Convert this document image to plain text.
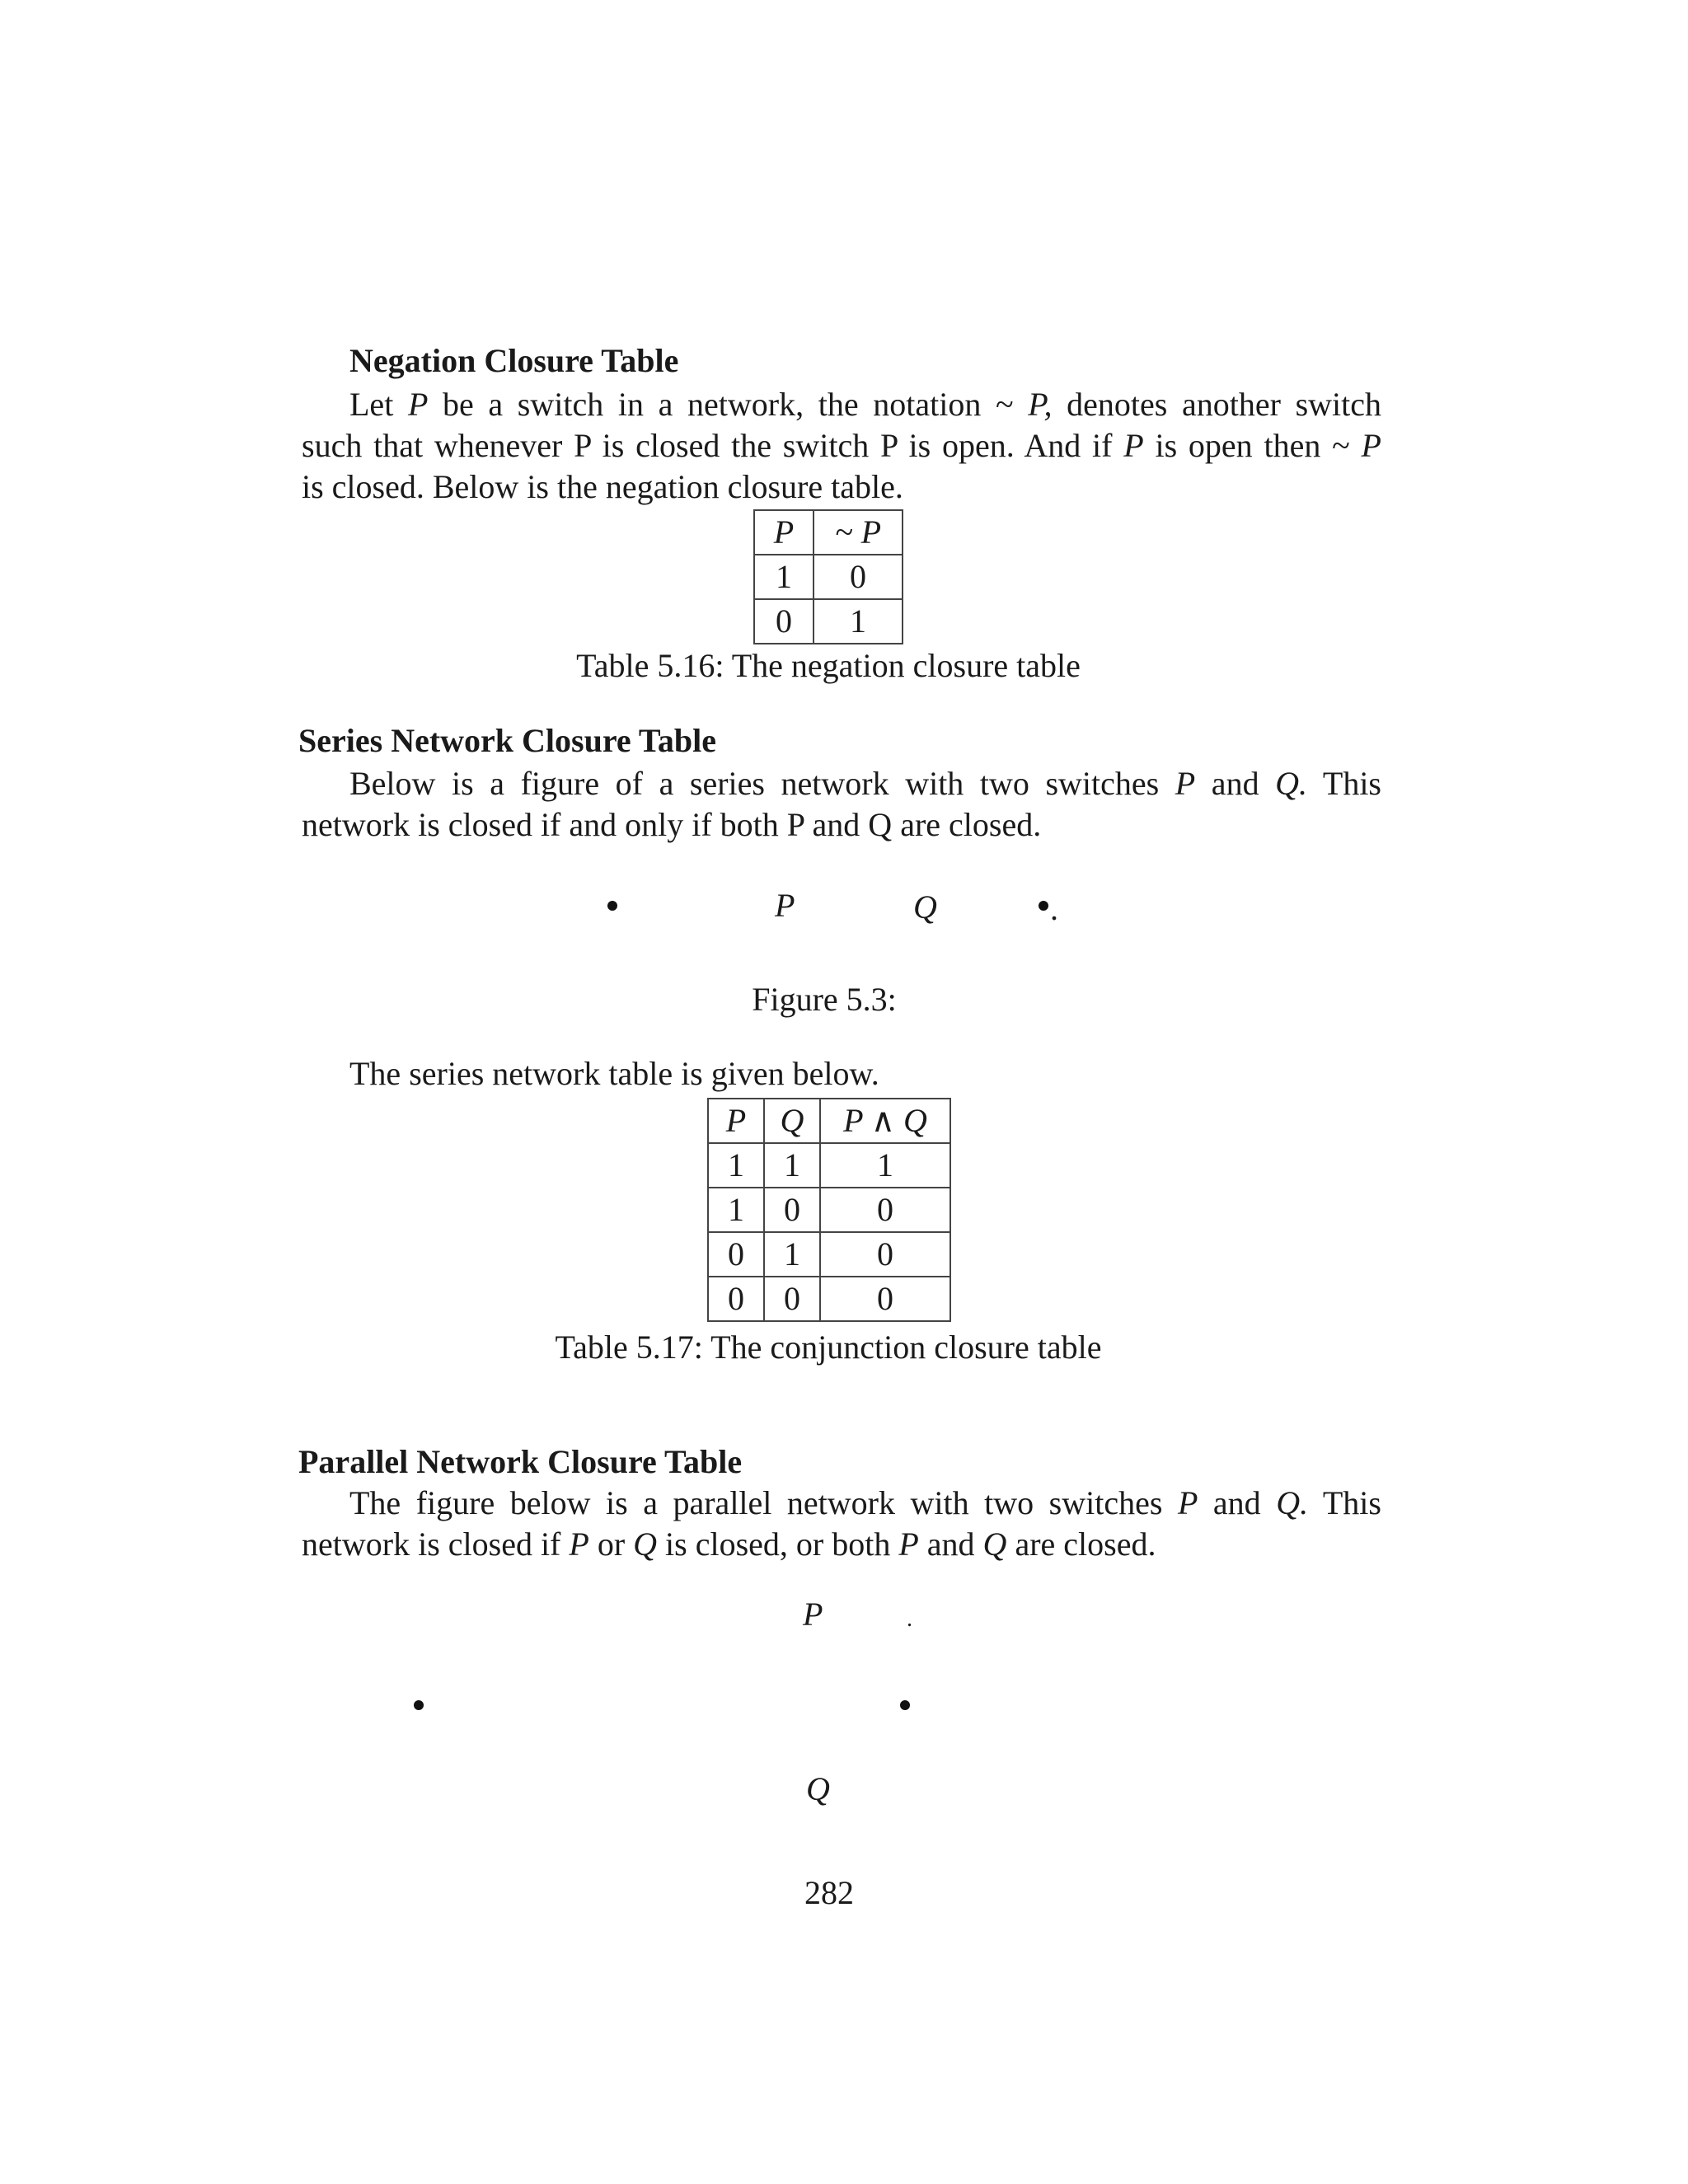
Negation Closure Table
Let P be a switch in a network, the notation ~ P, denotes another switch
such that whenever P is closed the switch P is open. And if P is open then ~ P
is closed. Below is the negation closure table.
P	~ P
1	0
0	1
Table 5.16: The negation closure table
Series Network Closure Table
Below is a figure of a series network with two switches P and Q. This
network is closed if and only if both P and Q are closed.
P	Q	.
Figure 5.3:
The series network table is given below.
P	Q	P ∧ Q
1	1	1
1	0	0
0	1	0
0	0	0
Table 5.17: The conjunction closure table
Parallel Network Closure Table
The figure below is a parallel network with two switches P and Q. This
network is closed if P or Q is closed, or both P and Q are closed.
P	.
Q
282
